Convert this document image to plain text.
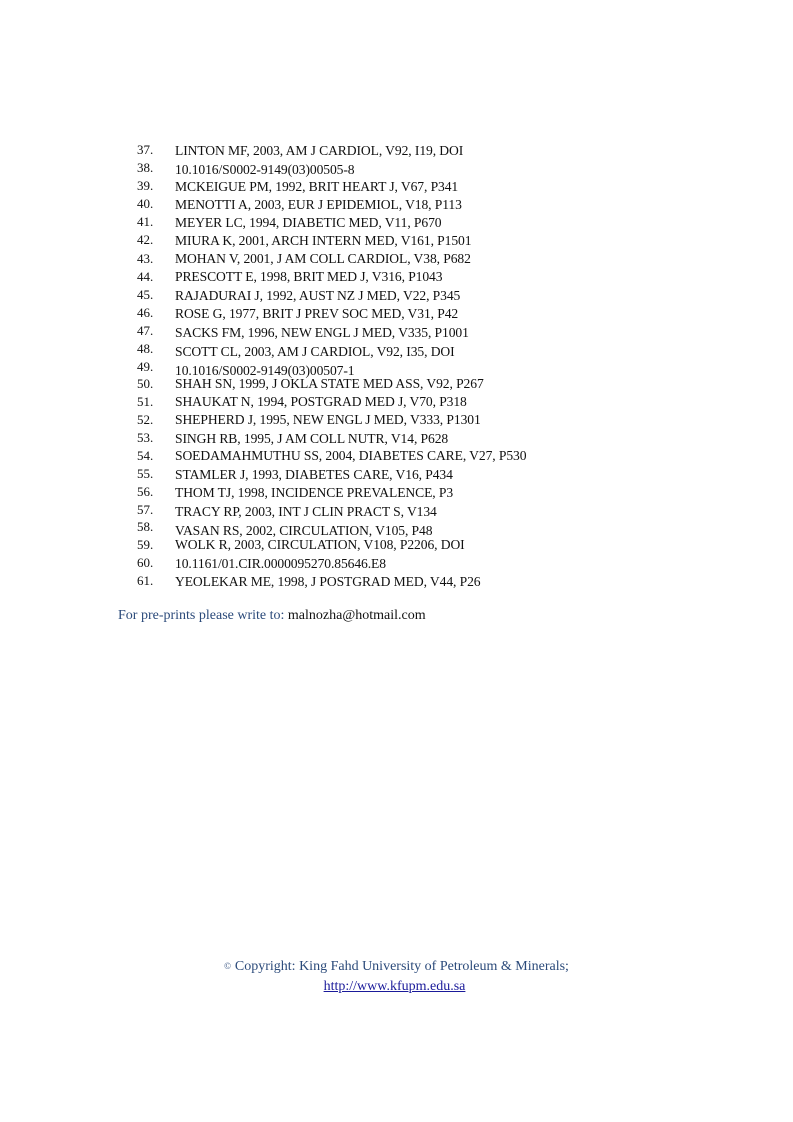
37.	LINTON MF, 2003, AM J CARDIOL, V92, I19, DOI
38.	10.1016/S0002-9149(03)00505-8
39.	MCKEIGUE PM, 1992, BRIT HEART J, V67, P341
40.	MENOTTI A, 2003, EUR J EPIDEMIOL, V18, P113
41.	MEYER LC, 1994, DIABETIC MED, V11, P670
42.	MIURA K, 2001, ARCH INTERN MED, V161, P1501
43.	MOHAN V, 2001, J AM COLL CARDIOL, V38, P682
44.	PRESCOTT E, 1998, BRIT MED J, V316, P1043
45.	RAJADURAI J, 1992, AUST NZ J MED, V22, P345
46.	ROSE G, 1977, BRIT J PREV SOC MED, V31, P42
47.	SACKS FM, 1996, NEW ENGL J MED, V335, P1001
48.	SCOTT CL, 2003, AM J CARDIOL, V92, I35, DOI
49.	10.1016/S0002-9149(03)00507-1
50.	SHAH SN, 1999, J OKLA STATE MED ASS, V92, P267
51.	SHAUKAT N, 1994, POSTGRAD MED J, V70, P318
52.	SHEPHERD J, 1995, NEW ENGL J MED, V333, P1301
53.	SINGH RB, 1995, J AM COLL NUTR, V14, P628
54.	SOEDAMAHMUTHU SS, 2004, DIABETES CARE, V27, P530
55.	STAMLER J, 1993, DIABETES CARE, V16, P434
56.	THOM TJ, 1998, INCIDENCE PREVALENCE, P3
57.	TRACY RP, 2003, INT J CLIN PRACT S, V134
58.	VASAN RS, 2002, CIRCULATION, V105, P48
59.	WOLK R, 2003, CIRCULATION, V108, P2206, DOI
60.	10.1161/01.CIR.0000095270.85646.E8
61.	YEOLEKAR ME, 1998, J POSTGRAD MED, V44, P26
For pre-prints please write to: malnozha@hotmail.com
© Copyright: King Fahd University of Petroleum & Minerals;
http://www.kfupm.edu.sa
